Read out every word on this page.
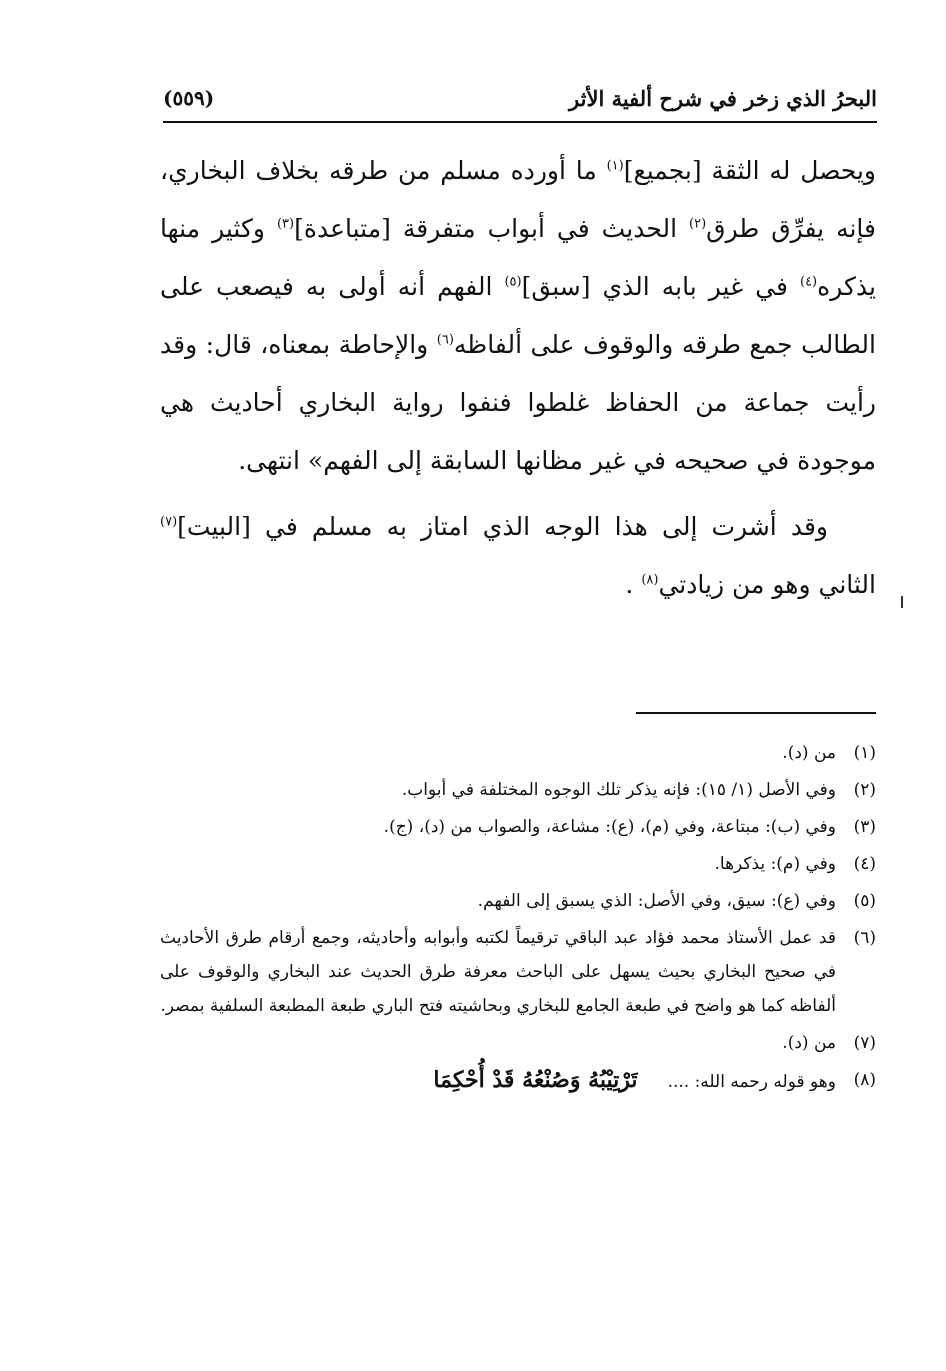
البحرُ الذي زخر في شرح ألفية الأثر
(٥٥٩)

ويحصل له الثقة [بجميع]$^{(١)}$ ما أورده مسلم من طرقه بخلاف البخاري، فإنه يفرِّق طرق$^{(٢)}$ الحديث في أبواب متفرقة [متباعدة]$^{(٣)}$ وكثير منها يذكره$^{(٤)}$ في غير بابه الذي [سبق]$^{(٥)}$ الفهم أنه أولى به فيصعب على الطالب جمع طرقه والوقوف على ألفاظه$^{(٦)}$ والإحاطة بمعناه، قال: وقد رأيت جماعة من الحفاظ غلطوا فنفوا رواية البخاري أحاديث هي موجودة في صحيحه في غير مظانها السابقة إلى الفهم» انتهى.

وقد أشرت إلى هذا الوجه الذي امتاز به مسلم في [البيت]$^{(٧)}$ الثاني وهو من زيادتي$^{(٨)}$ .

(١)
من (د).
(٢)
وفي الأصل (١/ ١٥): فإنه يذكر تلك الوجوه المختلفة في أبواب.
(٣)
وفي (ب): مبتاعة، وفي (م)، (ع): مشاعة، والصواب من (د)، (ج).
(٤)
وفي (م): يذكرها.
(٥)
وفي (ع): سيق، وفي الأصل: الذي يسبق إلى الفهم.
(٦)
قد عمل الأستاذ محمد فؤاد عبد الباقي ترقيماً لكتبه وأبوابه وأحاديثه، وجمع أرقام طرق الأحاديث في صحيح البخاري بحيث يسهل على الباحث معرفة طرق الحديث عند البخاري والوقوف على ألفاظه كما هو واضح في طبعة الجامع للبخاري وبحاشيته فتح الباري طبعة المطبعة السلفية بمصر.
(٧)
من (د).
(٨)
وهو قوله رحمه الله: ....تَرْتِيْبُهُ وَصُنْعُهُ قَدْ أُحْكِمَا
